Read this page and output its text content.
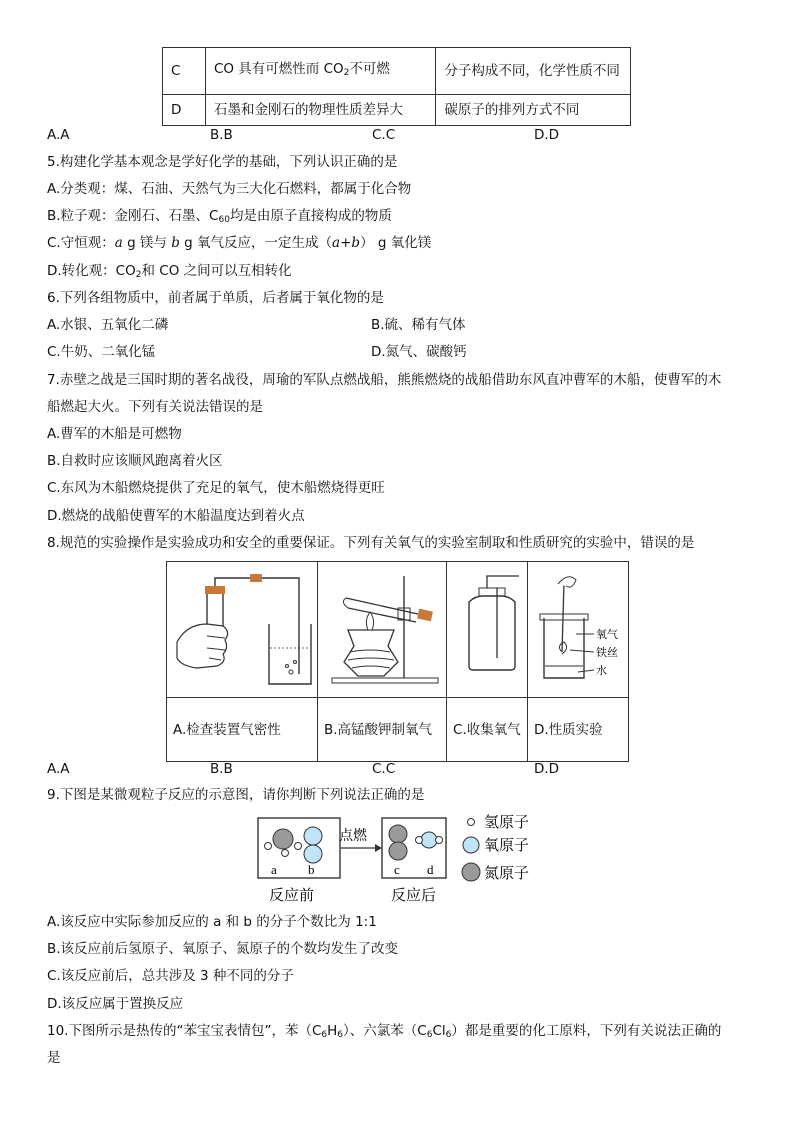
C	CO 具有可燃性而 $CO_2$不可燃	分子构成不同，化学性质不同
D	石墨和金刚石的物理性质差异大	碳原子的排列方式不同
A.A	B.B	C.C	D.D
5.构建化学基本观念是学好化学的基础，下列认识正确的是
A.分类观：煤、石油、天然气为三大化石燃料，都属于化合物
B.粒子观：金刚石、石墨、$C_{60}$均是由原子直接构成的物质
C.守恒观：a g 镁与 b g 氧气反应，一定生成（a+b） g 氧化镁
D.转化观：$CO_2$和 CO 之间可以互相转化
6.下列各组物质中，前者属于单质，后者属于氧化物的是
A.水银、五氧化二磷	B.硫、稀有气体
C.牛奶、二氧化锰	D.氮气、碳酸钙
7.赤壁之战是三国时期的著名战役，周瑜的军队点燃战船，熊熊燃烧的战船借助东风直冲曹军的木船，使曹军的木
船燃起大火。下列有关说法错误的是
A.曹军的木船是可燃物
B.自救时应该顺风跑离着火区
C.东风为木船燃烧提供了充足的氧气，使木船燃烧得更旺
D.燃烧的战船使曹军的木船温度达到着火点
8.规范的实验操作是实验成功和安全的重要保证。下列有关氧气的实验室制取和性质研究的实验中，错误的是

氧气
铁丝
水

A.检查装置气密性	B.高锰酸钾制氧气	C.收集氧气	D.性质实验
A.A	B.B	C.C	D.D
9.下图是某微观粒子反应的示意图，请你判断下列说法正确的是
a b
点燃
c d
反应前	反应后
氢原子
氧原子
氮原子
A.该反应中实际参加反应的 a 和 b 的分子个数比为 1:1
B.该反应前后氢原子、氧原子、氮原子的个数均发生了改变
C.该反应前后，总共涉及 3 种不同的分子
D.该反应属于置换反应
10.下图所示是热传的“苯宝宝表情包”，苯$(C_6H_6)$、六氯苯$(C_6Cl_6)$都是重要的化工原料，下列有关说法正确的
是
